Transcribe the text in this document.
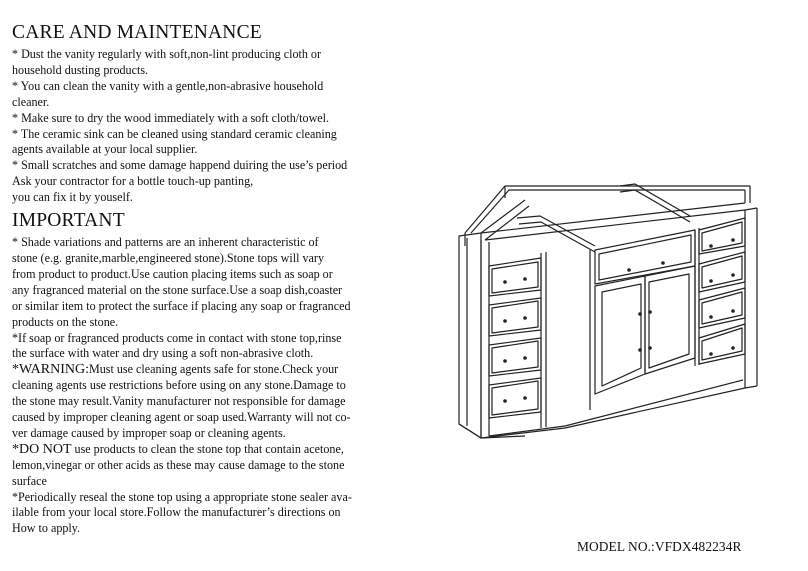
CARE AND MAINTENANCE

* Dust the vanity regularly with soft,non-lint producing cloth or

household dusting products.

* You can clean the vanity with a gentle,non-abrasive household

cleaner.

* Make sure to dry the wood immediately with a soft cloth/towel.

* The ceramic sink can be cleaned using standard ceramic cleaning

agents available at your local supplier.

* Small scratches and some damage happend duiring the use’s period

Ask your contractor for a bottle touch-up panting,

you can fix it by youself.

IMPORTANT

* Shade variations and patterns are an inherent characteristic of

stone (e.g. granite,marble,engineered stone).Stone tops will vary

from product to product.Use caution placing items such as soap or

any fragranced material on the stone surface.Use a soap dish,coaster

or similar item to protect the surface if placing any soap or fragranced

products on the stone.

*If soap or fragranced products come in contact with stone top,rinse

the surface with water and dry using a soft non-abrasive cloth.

*WARNING:Must use cleaning agents safe for stone.Check your

cleaning agents use restrictions before using on any stone.Damage to

the stone may result.Vanity manufacturer not responsible for damage

caused by improper cleaning agent or soap used.Warranty will not co-

ver damage caused by improper soap or cleaning agents.

*DO NOT use products to clean the stone top that contain acetone,

lemon,vinegar or other acids as these may cause damage to the stone

surface

*Periodically reseal the stone top using a appropriate stone sealer ava-

ilable from your local store.Follow the manufacturer’s directions on

How to apply.

MODEL NO.:VFDX482234R
